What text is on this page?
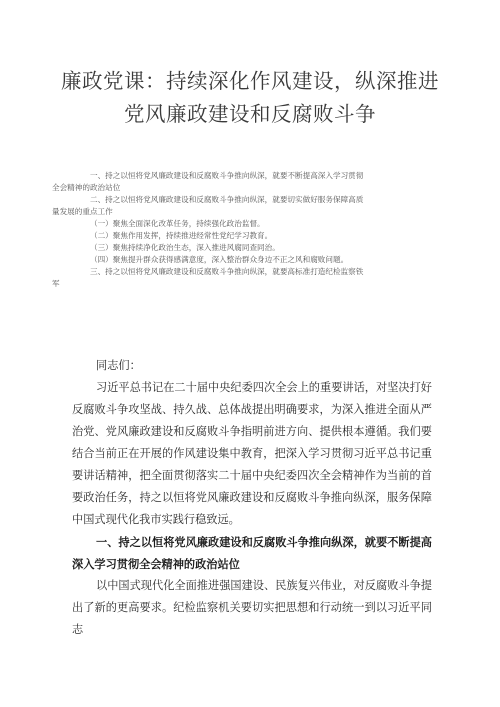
廉政党课：持续深化作风建设，纵深推进
党风廉政建设和反腐败斗争

一、持之以恒将党风廉政建设和反腐败斗争推向纵深，就要不断提高深入学习贯彻
全会精神的政治站位

二、持之以恒将党风廉政建设和反腐败斗争推向纵深，就要切实做好服务保障高质
量发展的重点工作

（一）聚焦全面深化改革任务，持续强化政治监督。

（二）聚焦作用发挥，持续推进经常性党纪学习教育。

（三）聚焦持续净化政治生态，深入推进风腐同查同治。

（四）聚焦提升群众获得感满意度，深入整治群众身边不正之风和腐败问题。

三、持之以恒将党风廉政建设和反腐败斗争推向纵深，就要高标准打造纪检监察铁
军

同志们：

习近平总书记在二十届中央纪委四次全会上的重要讲话，对坚决打好反腐败斗争攻坚战、持久战、总体战提出明确要求，为深入推进全面从严治党、党风廉政建设和反腐败斗争指明前进方向、提供根本遵循。我们要结合当前正在开展的作风建设集中教育，把深入学习贯彻习近平总书记重要讲话精神，把全面贯彻落实二十届中央纪委四次全会精神作为当前的首要政治任务，持之以恒将党风廉政建设和反腐败斗争推向纵深，服务保障中国式现代化我市实践行稳致远。

一、持之以恒将党风廉政建设和反腐败斗争推向纵深，就要不断提高深入学习贯彻全会精神的政治站位

以中国式现代化全面推进强国建设、民族复兴伟业，对反腐败斗争提出了新的更高要求。纪检监察机关要切实把思想和行动统一到以习近平同志
